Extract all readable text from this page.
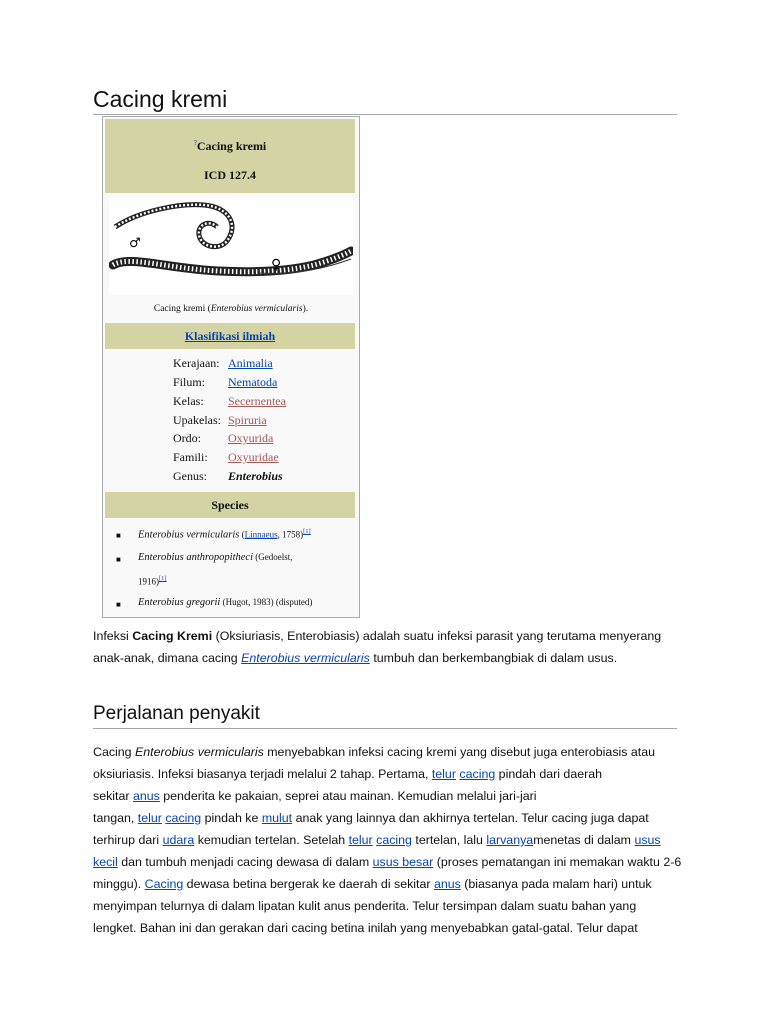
Cacing kremi
?Cacing kremi
ICD 127.4
♂
♀
Cacing kremi (Enterobius vermicularis).
Klasifikasi ilmiah
Kerajaan: Animalia
Filum: Nematoda
Kelas: Secernentea
Upakelas: Spiruria
Ordo: Oxyurida
Famili: Oxyuridae
Genus: Enterobius
Species
■ Enterobius vermicularis (Linnaeus, 1758)[1]
■ Enterobius anthropopitheci (Gedoelst,
1916)[1]
■ Enterobius gregorii (Hugot, 1983) (disputed)

Infeksi Cacing Kremi (Oksiuriasis, Enterobiasis) adalah suatu infeksi parasit yang terutama menyerang
anak-anak, dimana cacing Enterobius vermicularis tumbuh dan berkembangbiak di dalam usus.

Perjalanan penyakit

Cacing Enterobius vermicularis menyebabkan infeksi cacing kremi yang disebut juga enterobiasis atau
oksiuriasis. Infeksi biasanya terjadi melalui 2 tahap. Pertama, telur cacing pindah dari daerah
sekitar anus penderita ke pakaian, seprei atau mainan. Kemudian melalui jari-jari
tangan, telur cacing pindah ke mulut anak yang lainnya dan akhirnya tertelan. Telur cacing juga dapat
terhirup dari udara kemudian tertelan. Setelah telur cacing tertelan, lalu larvanyamenetas di dalam usus
kecil dan tumbuh menjadi cacing dewasa di dalam usus besar (proses pematangan ini memakan waktu 2-6
minggu). Cacing dewasa betina bergerak ke daerah di sekitar anus (biasanya pada malam hari) untuk
menyimpan telurnya di dalam lipatan kulit anus penderita. Telur tersimpan dalam suatu bahan yang
lengket. Bahan ini dan gerakan dari cacing betina inilah yang menyebabkan gatal-gatal. Telur dapat
